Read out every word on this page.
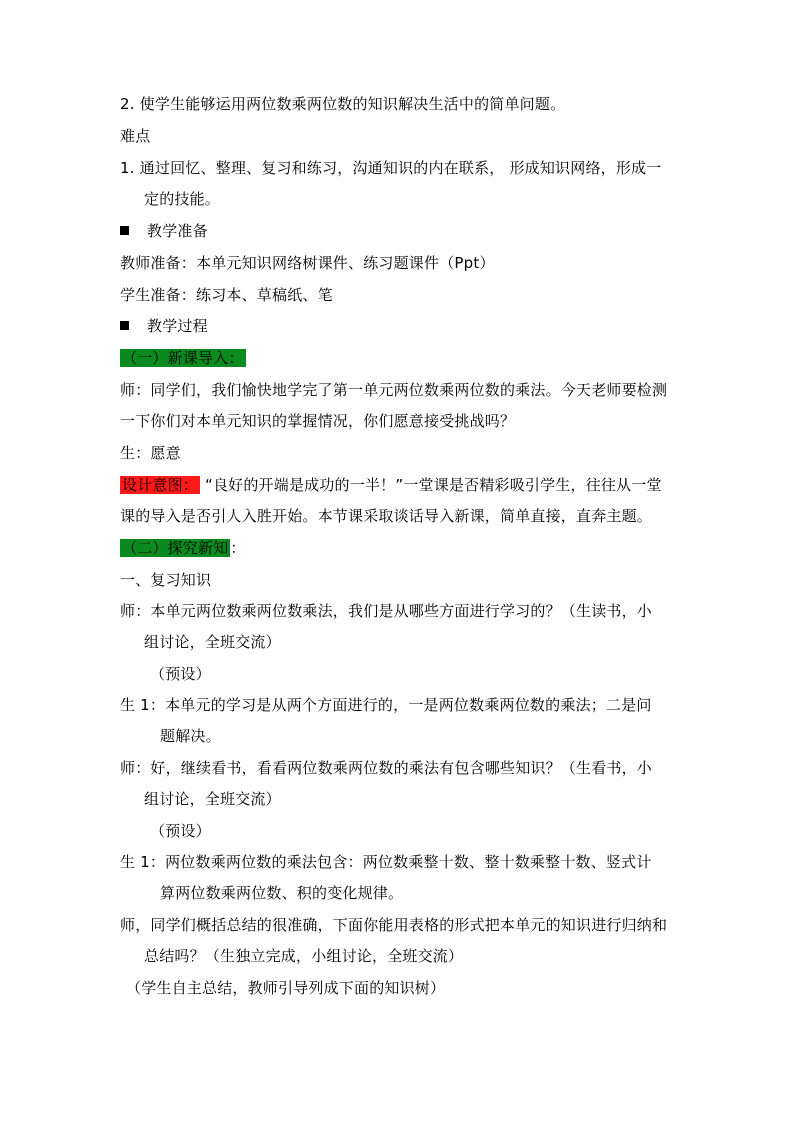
2. 使学生能够运用两位数乘两位数的知识解决生活中的简单问题。
难点
1. 通过回忆、整理、复习和练习，沟通知识的内在联系， 形成知识网络，形成一
定的技能。
教学准备
教师准备：本单元知识网络树课件、练习题课件（Ppt）
学生准备：练习本、草稿纸、笔
教学过程
（一）新课导入：
师：同学们，我们愉快地学完了第一单元两位数乘两位数的乘法。今天老师要检测
一下你们对本单元知识的掌握情况，你们愿意接受挑战吗？
生：愿意
设计意图： “良好的开端是成功的一半！”一堂课是否精彩吸引学生，往往从一堂
课的导入是否引人入胜开始。本节课采取谈话导入新课，简单直接，直奔主题。
（二）探究新知 ：
一、复习知识
师：本单元两位数乘两位数乘法，我们是从哪些方面进行学习的？（生读书，小
组讨论，全班交流）
（预设）
生 1：本单元的学习是从两个方面进行的，一是两位数乘两位数的乘法；二是问
题解决。
师：好，继续看书，看看两位数乘两位数的乘法有包含哪些知识？（生看书，小
组讨论，全班交流）
（预设）
生 1：两位数乘两位数的乘法包含：两位数乘整十数、整十数乘整十数、竖式计
算两位数乘两位数、积的变化规律。
师，同学们概括总结的很准确，下面你能用表格的形式把本单元的知识进行归纳和
总结吗？（生独立完成，小组讨论，全班交流）
（学生自主总结，教师引导列成下面的知识树）
